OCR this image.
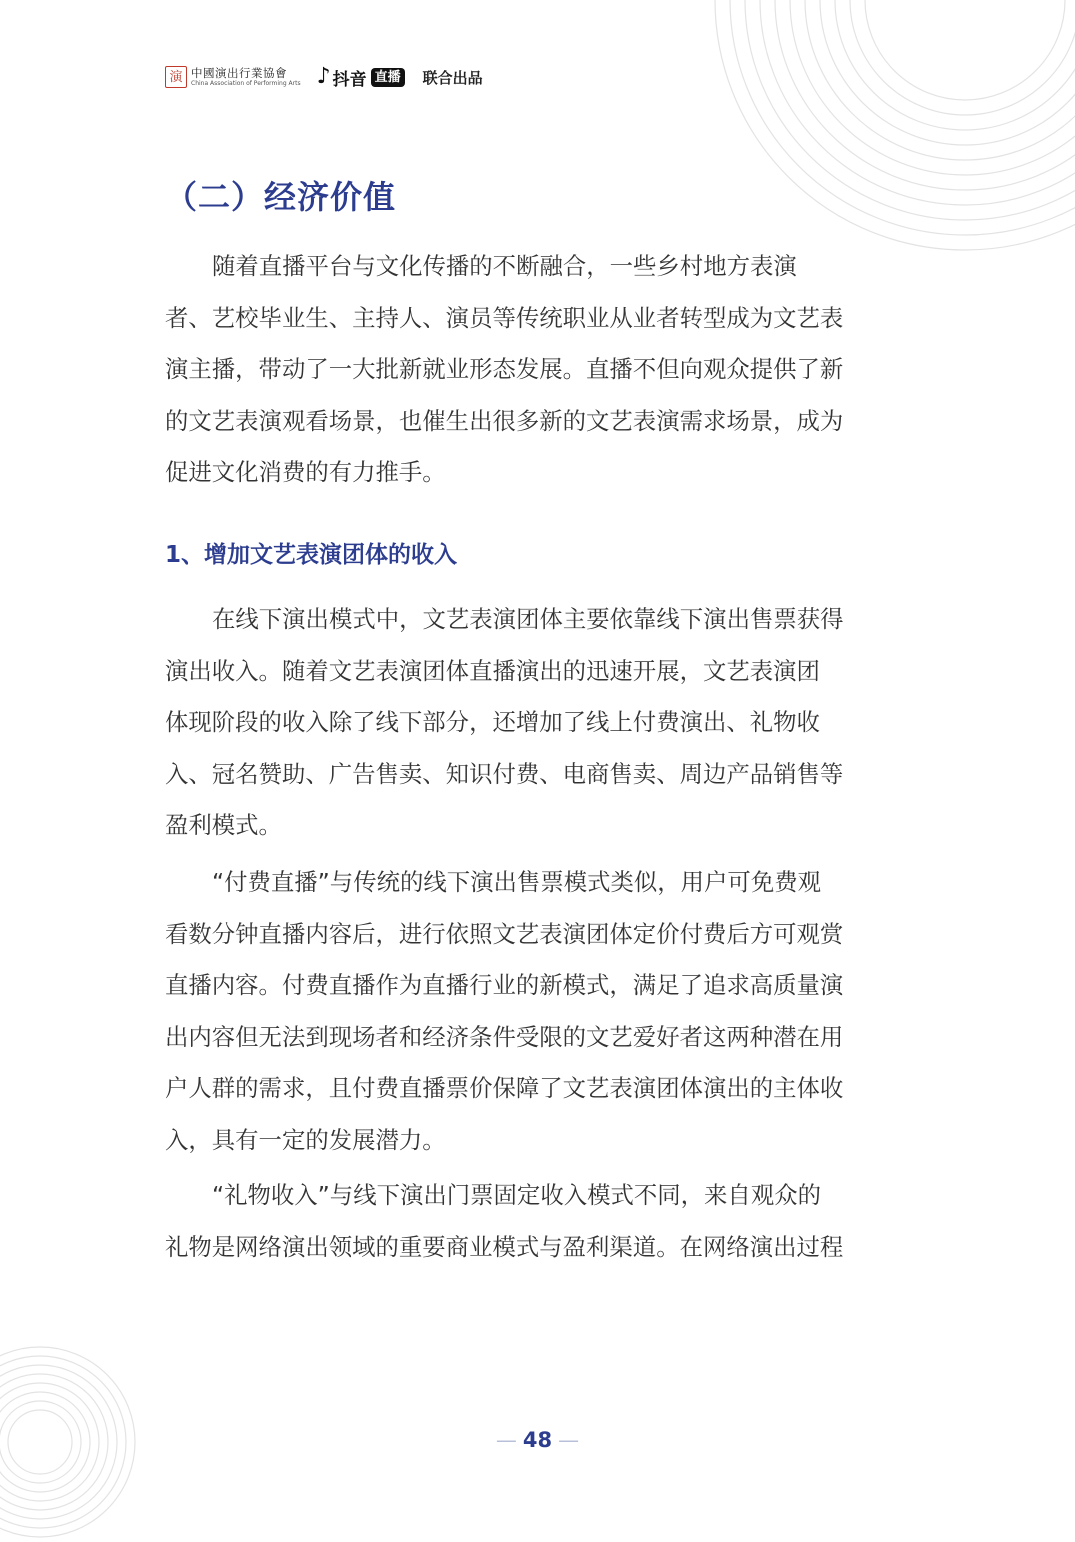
演 中國演出行業協會
China Association of Performing Arts ♪ 抖音 直播 联合出品
（二）经济价值

随着直播平台与文化传播的不断融合，一些乡村地方表演
者、艺校毕业生、主持人、演员等传统职业从业者转型成为文艺表
演主播，带动了一大批新就业形态发展。直播不但向观众提供了新
的文艺表演观看场景，也催生出很多新的文艺表演需求场景，成为
促进文化消费的有力推手。

1、增加文艺表演团体的收入

在线下演出模式中，文艺表演团体主要依靠线下演出售票获得
演出收入。随着文艺表演团体直播演出的迅速开展，文艺表演团
体现阶段的收入除了线下部分，还增加了线上付费演出、礼物收
入、冠名赞助、广告售卖、知识付费、电商售卖、周边产品销售等
盈利模式。

“付费直播”与传统的线下演出售票模式类似，用户可免费观
看数分钟直播内容后，进行依照文艺表演团体定价付费后方可观赏
直播内容。付费直播作为直播行业的新模式，满足了追求高质量演
出内容但无法到现场者和经济条件受限的文艺爱好者这两种潜在用
户人群的需求，且付费直播票价保障了文艺表演团体演出的主体收
入，具有一定的发展潜力。

“礼物收入”与线下演出门票固定收入模式不同，来自观众的
礼物是网络演出领域的重要商业模式与盈利渠道。在网络演出过程

— 48 —
